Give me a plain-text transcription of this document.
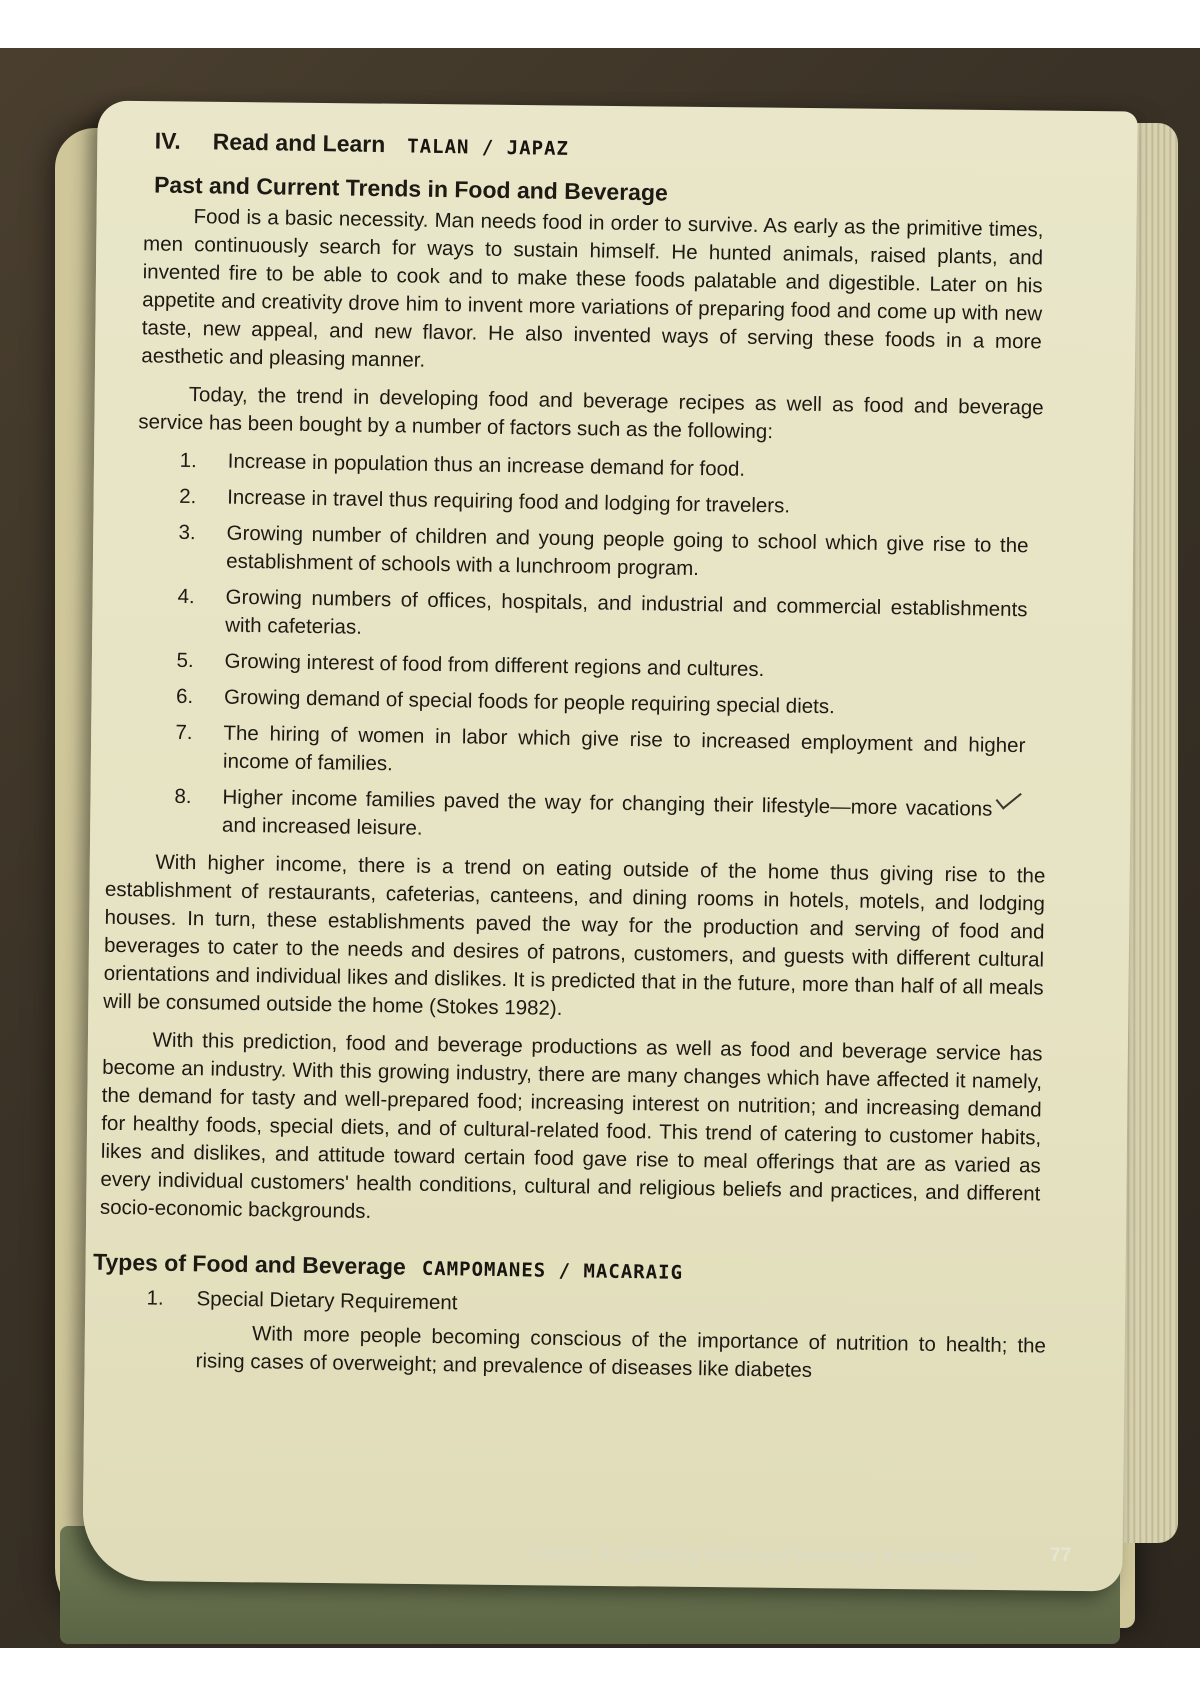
IV. Read and Learn TALAN / JAPAZ
Past and Current Trends in Food and Beverage

Food is a basic necessity. Man needs food in order to survive. As early as the primitive times, men continuously search for ways to sustain himself. He hunted animals, raised plants, and invented fire to be able to cook and to make these foods palatable and digestible. Later on his appetite and creativity drove him to invent more variations of preparing food and come up with new taste, new appeal, and new flavor. He also invented ways of serving these foods in a more aesthetic and pleasing manner.

Today, the trend in developing food and beverage recipes as well as food and beverage service has been bought by a number of factors such as the following:

1.	Increase in population thus an increase demand for food.
2.	Increase in travel thus requiring food and lodging for travelers.
3.	Growing number of children and young people going to school which give rise to the establishment of schools with a lunchroom program.
4.	Growing numbers of offices, hospitals, and industrial and commercial establishments with cafeterias.
5.	Growing interest of food from different regions and cultures.
6.	Growing demand of special foods for people requiring special diets.
7.	The hiring of women in labor which give rise to increased employment and higher income of families.
8.	Higher income families paved the way for changing their lifestyle—more vacations and increased leisure.

With higher income, there is a trend on eating outside of the home thus giving rise to the establishment of restaurants, cafeterias, canteens, and dining rooms in hotels, motels, and lodging houses. In turn, these establishments paved the way for the production and serving of food and beverages to cater to the needs and desires of patrons, customers, and guests with different cultural orientations and individual likes and dislikes. It is predicted that in the future, more than half of all meals will be consumed outside the home (Stokes 1982).

With this prediction, food and beverage productions as well as food and beverage service has become an industry. With this growing industry, there are many changes which have affected it namely, the demand for tasty and well-prepared food; increasing interest on nutrition; and increasing demand for healthy foods, special diets, and of cultural-related food. This trend of catering to customer habits, likes and dislikes, and attitude toward certain food gave rise to meal offerings that are as varied as every individual customers' health conditions, cultural and religious beliefs and practices, and different socio-economic backgrounds.

Types of Food and Beverage CAMPOMANES / MACARAIG
1.	Special Dietary Requirement

With more people becoming conscious of the importance of nutrition to health; the rising cases of overweight; and prevalence of diseases like diabetes

Lesson 4: Updating Food and Beverage Knowledge	77
